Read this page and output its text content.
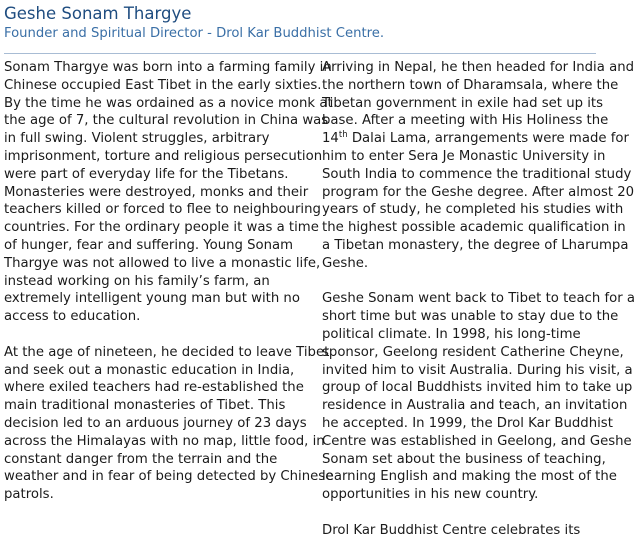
Geshe Sonam Thargye
Founder and Spiritual Director - Drol Kar Buddhist Centre.

Sonam Thargye was born into a farming family in
Chinese occupied East Tibet in the early sixties.
By the time he was ordained as a novice monk at
the age of 7, the cultural revolution in China was
in full swing. Violent struggles, arbitrary
imprisonment, torture and religious persecution
were part of everyday life for the Tibetans.
Monasteries were destroyed, monks and their
teachers killed or forced to flee to neighbouring
countries. For the ordinary people it was a time
of hunger, fear and suffering. Young Sonam
Thargye was not allowed to live a monastic life,
instead working on his family’s farm, an
extremely intelligent young man but with no
access to education.

At the age of nineteen, he decided to leave Tibet
and seek out a monastic education in India,
where exiled teachers had re-established the
main traditional monasteries of Tibet. This
decision led to an arduous journey of 23 days
across the Himalayas with no map, little food, in
constant danger from the terrain and the
weather and in fear of being detected by Chinese
patrols.

Arriving in Nepal, he then headed for India and
the northern town of Dharamsala, where the
Tibetan government in exile had set up its
base. After a meeting with His Holiness the
14th Dalai Lama, arrangements were made for
him to enter Sera Je Monastic University in
South India to commence the traditional study
program for the Geshe degree. After almost 20
years of study, he completed his studies with
the highest possible academic qualification in
a Tibetan monastery, the degree of Lharumpa
Geshe.

Geshe Sonam went back to Tibet to teach for a
short time but was unable to stay due to the
political climate. In 1998, his long-time
sponsor, Geelong resident Catherine Cheyne,
invited him to visit Australia. During his visit, a
group of local Buddhists invited him to take up
residence in Australia and teach, an invitation
he accepted. In 1999, the Drol Kar Buddhist
Centre was established in Geelong, and Geshe
Sonam set about the business of teaching,
learning English and making the most of the
opportunities in his new country.

Drol Kar Buddhist Centre celebrates its
